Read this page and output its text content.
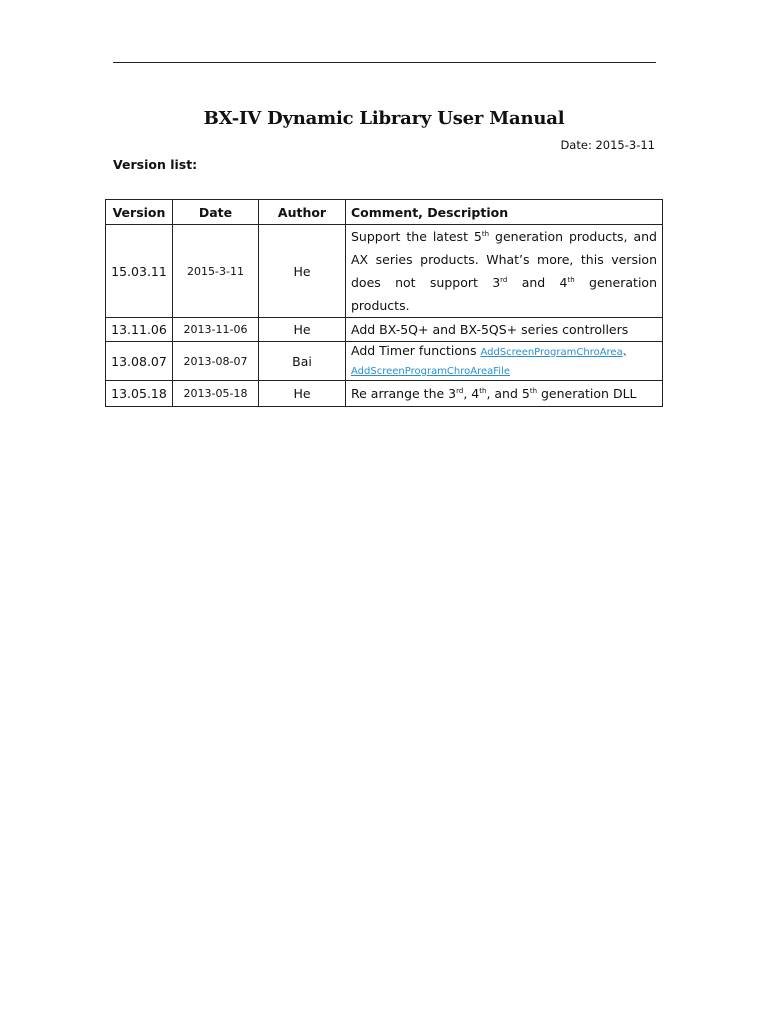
BX-IV Dynamic Library User Manual
Date: 2015-3-11
Version list:
Version	Date	Author	Comment, Description
15.03.11	2015-3-11	He	Support the latest 5th generation products, and AX series products. What’s more, this version does not support 3rd and 4th generation products.
13.11.06	2013-11-06	He	Add BX-5Q+ and BX-5QS+ series controllers
13.08.07	2013-08-07	Bai	Add Timer functions AddScreenProgramChroArea、
AddScreenProgramChroAreaFile

13.05.18	2013-05-18	He	Re arrange the 3rd, 4th, and 5th generation DLL
